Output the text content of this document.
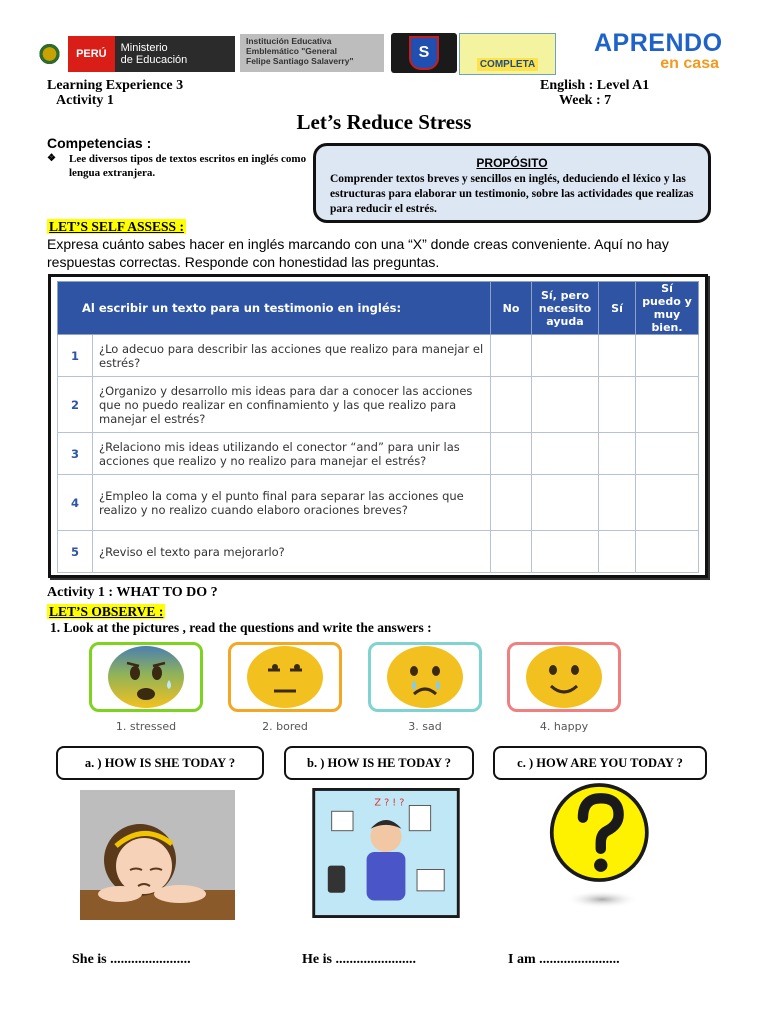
PERÚ	Ministerio
de Educación
Institución Educativa
Emblemático "General
Felipe Santiago Salaverry"	S
COMPLETA
APRENDO
en casa
Learning Experience 3
Activity 1
English : Level A1
Week : 7
Let’s Reduce Stress
Competencias :
❖	Lee diversos tipos de textos escritos en inglés como lengua extranjera.
PROPÓSITO
Comprender textos breves y sencillos en inglés, deduciendo el léxico y las estructuras para elaborar un testimonio, sobre las actividades que realizas para reducir el estrés.
LET’S SELF ASSESS :
Expresa cuánto sabes hacer en inglés marcando con una “X” donde creas conveniente. Aquí no hay respuestas correctas. Responde con honestidad las preguntas.
Al escribir un texto para un testimonio en inglés:		No	Sí, pero necesito ayuda	Sí	Sí puedo y muy bien.
1	¿Lo adecuo para describir las acciones que realizo para manejar el estrés?				
2	¿Organizo y desarrollo mis ideas para dar a conocer las acciones que no puedo realizar en confinamiento y las que realizo para manejar el estrés?				
3	¿Relaciono mis ideas utilizando el conector “and” para unir las acciones que realizo y no realizo para manejar el estrés?				
4	¿Empleo la coma y el punto final para separar las acciones que realizo y no realizo cuando elaboro oraciones breves?				
5	¿Reviso el texto para mejorarlo?				
Activity 1 : WHAT TO DO ?
LET’S OBSERVE :
1. Look at the pictures , read the questions and write the answers :
1. stressed	2. bored	3. sad	4. happy
a. ) HOW IS SHE TODAY ?	b. ) HOW IS HE TODAY ?	c. ) HOW ARE YOU TODAY ?
Z ? ! ?
She is .......................	He is .......................	I am .......................
